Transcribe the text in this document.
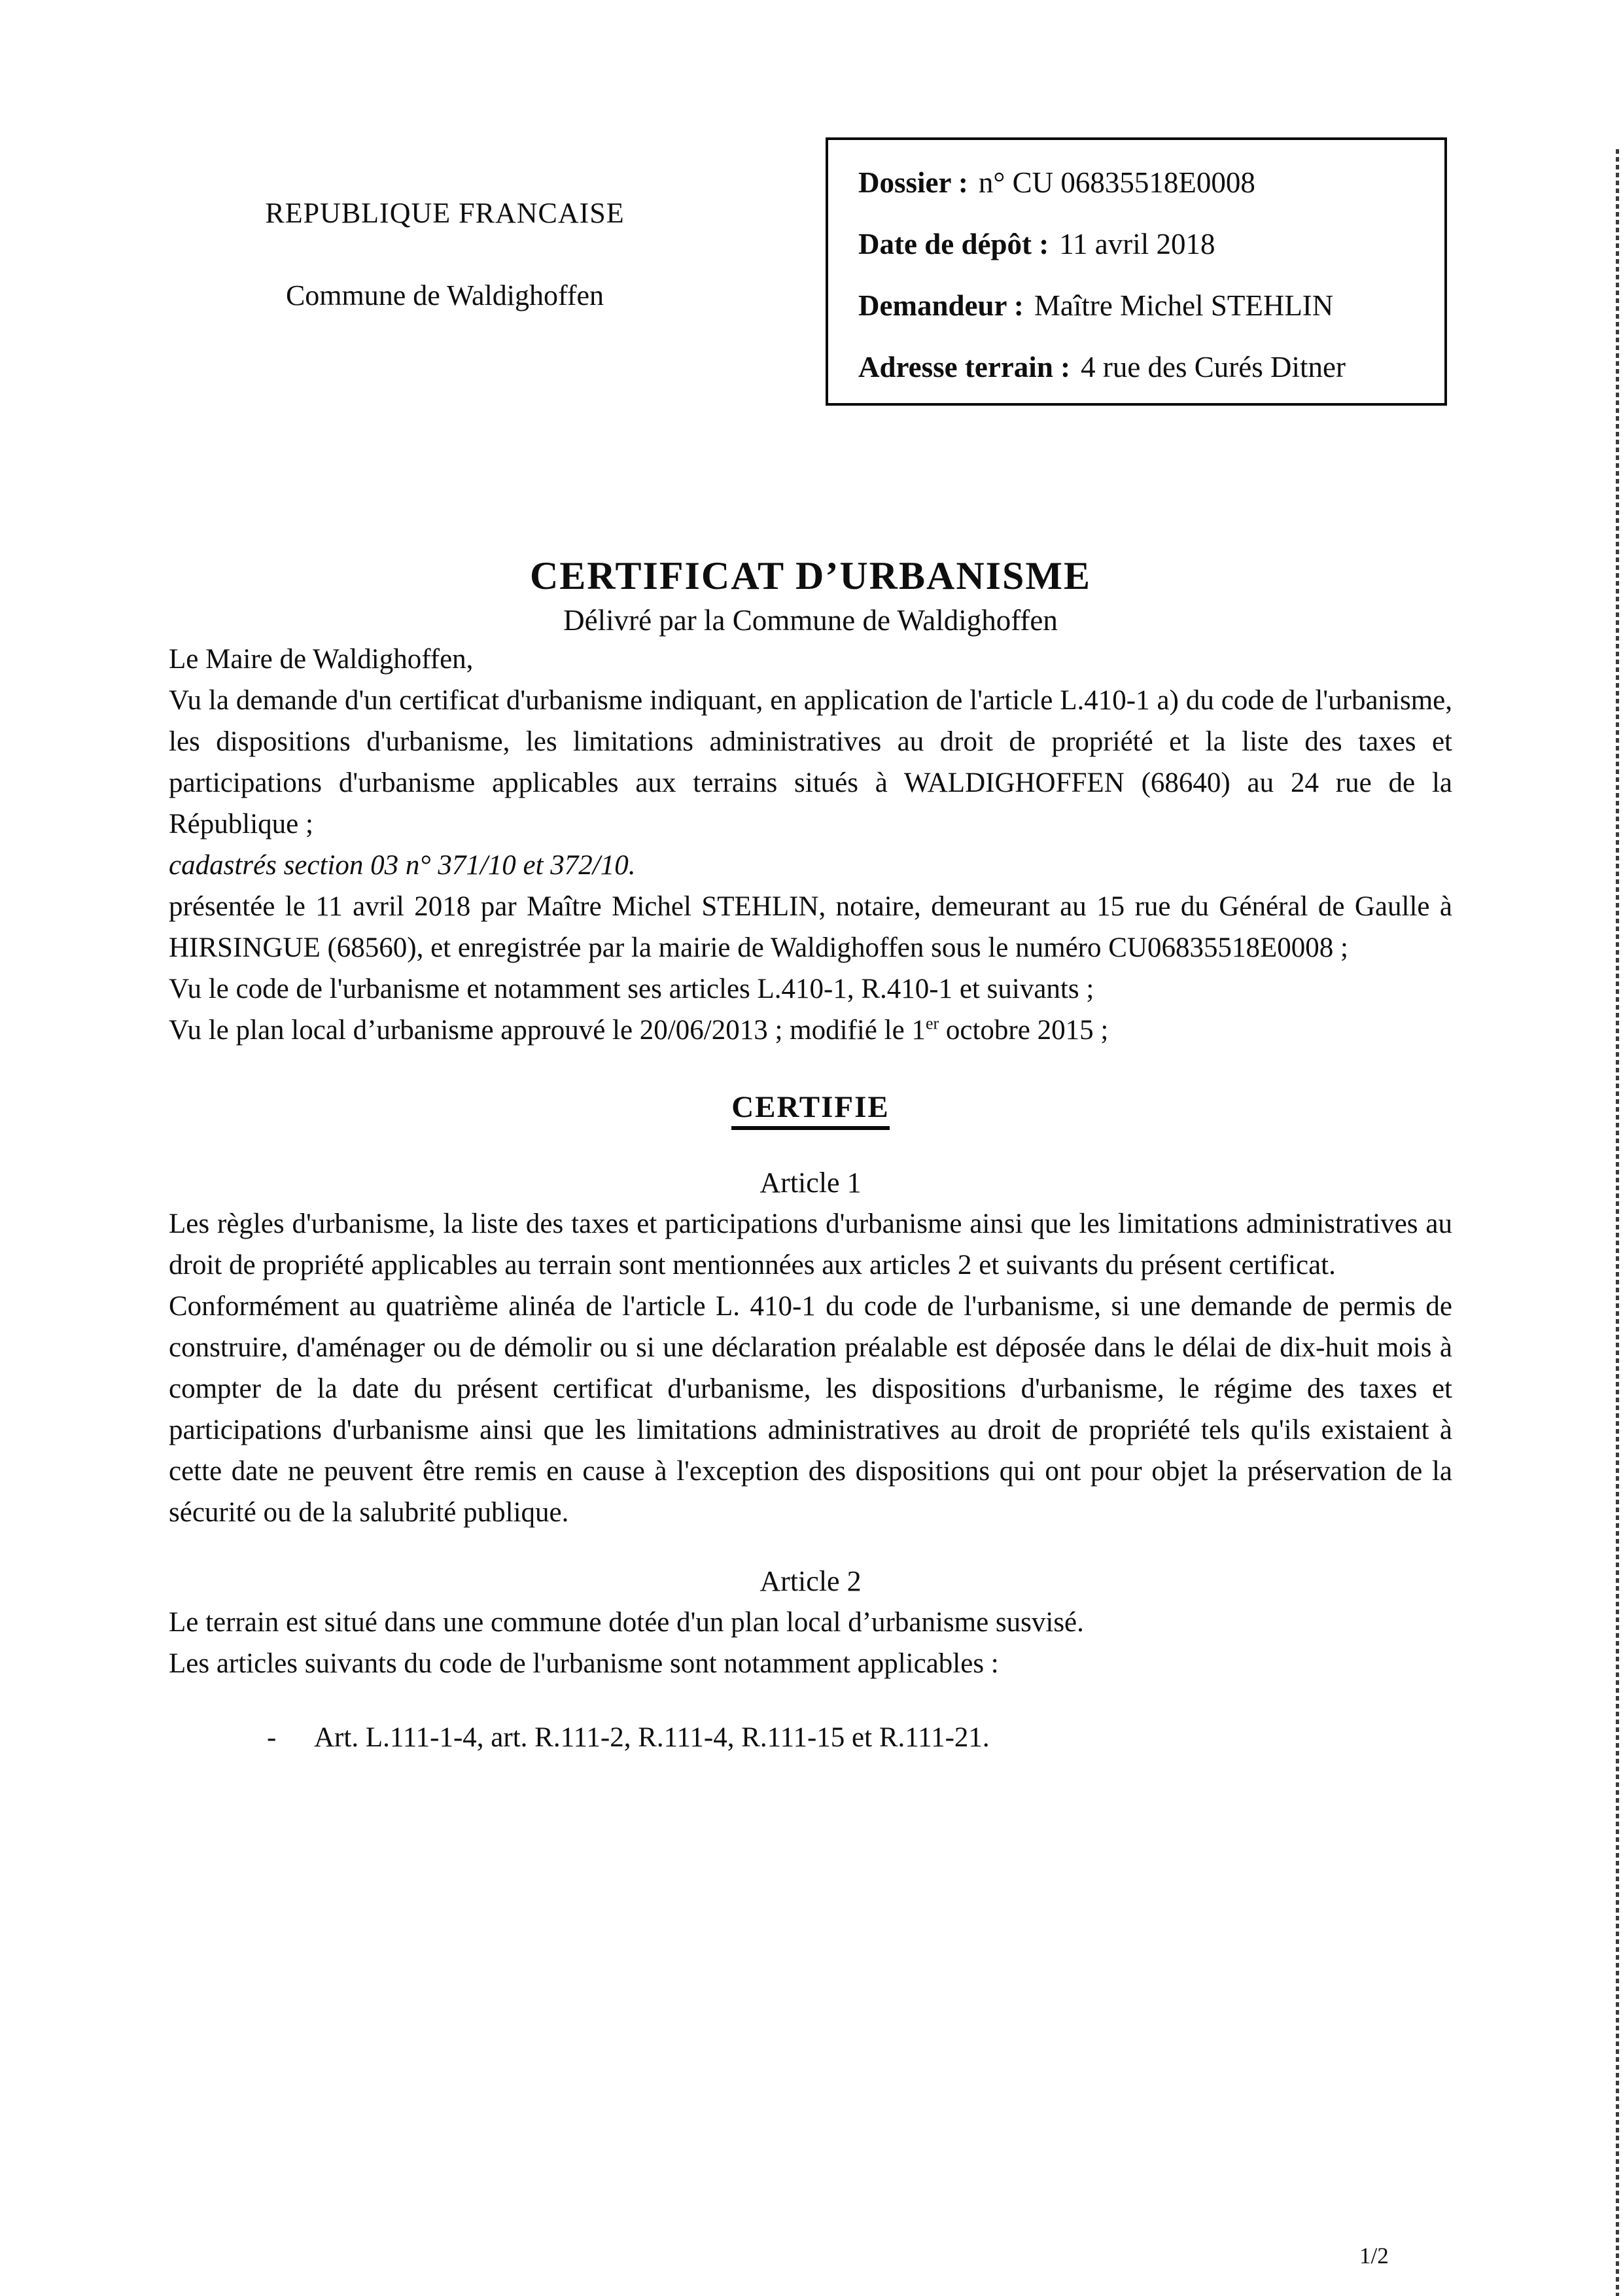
REPUBLIQUE FRANCAISE
Commune de Waldighoffen
Dossier : n° CU 06835518E0008
Date de dépôt : 11 avril 2018
Demandeur : Maître Michel STEHLIN
Adresse terrain : 4 rue des Curés Ditner
CERTIFICAT D’URBANISME
Délivré par la Commune de Waldighoffen

Le Maire de Waldighoffen,

Vu la demande d'un certificat d'urbanisme indiquant, en application de l'article L.410-1 a) du code de l'urbanisme, les dispositions d'urbanisme, les limitations administratives au droit de propriété et la liste des taxes et participations d'urbanisme applicables aux terrains situés à WALDIGHOFFEN (68640) au 24 rue de la République ;

cadastrés section 03 n° 371/10 et 372/10.

présentée le 11 avril 2018 par Maître Michel STEHLIN, notaire, demeurant au 15 rue du Général de Gaulle à HIRSINGUE (68560), et enregistrée par la mairie de Waldighoffen sous le numéro CU06835518E0008 ;

Vu le code de l'urbanisme et notamment ses articles L.410-1, R.410-1 et suivants ;

Vu le plan local d’urbanisme approuvé le 20/06/2013 ; modifié le 1er octobre 2015 ;

CERTIFIE
Article 1

Les règles d'urbanisme, la liste des taxes et participations d'urbanisme ainsi que les limitations administratives au droit de propriété applicables au terrain sont mentionnées aux articles 2 et suivants du présent certificat.

Conformément au quatrième alinéa de l'article L. 410-1 du code de l'urbanisme, si une demande de permis de construire, d'aménager ou de démolir ou si une déclaration préalable est déposée dans le délai de dix-huit mois à compter de la date du présent certificat d'urbanisme, les dispositions d'urbanisme, le régime des taxes et participations d'urbanisme ainsi que les limitations administratives au droit de propriété tels qu'ils existaient à cette date ne peuvent être remis en cause à l'exception des dispositions qui ont pour objet la préservation de la sécurité ou de la salubrité publique.

Article 2

Le terrain est situé dans une commune dotée d'un plan local d’urbanisme susvisé.

Les articles suivants du code de l'urbanisme sont notamment applicables :

- Art. L.111-1-4, art. R.111-2, R.111-4, R.111-15 et R.111-21.
1/2
